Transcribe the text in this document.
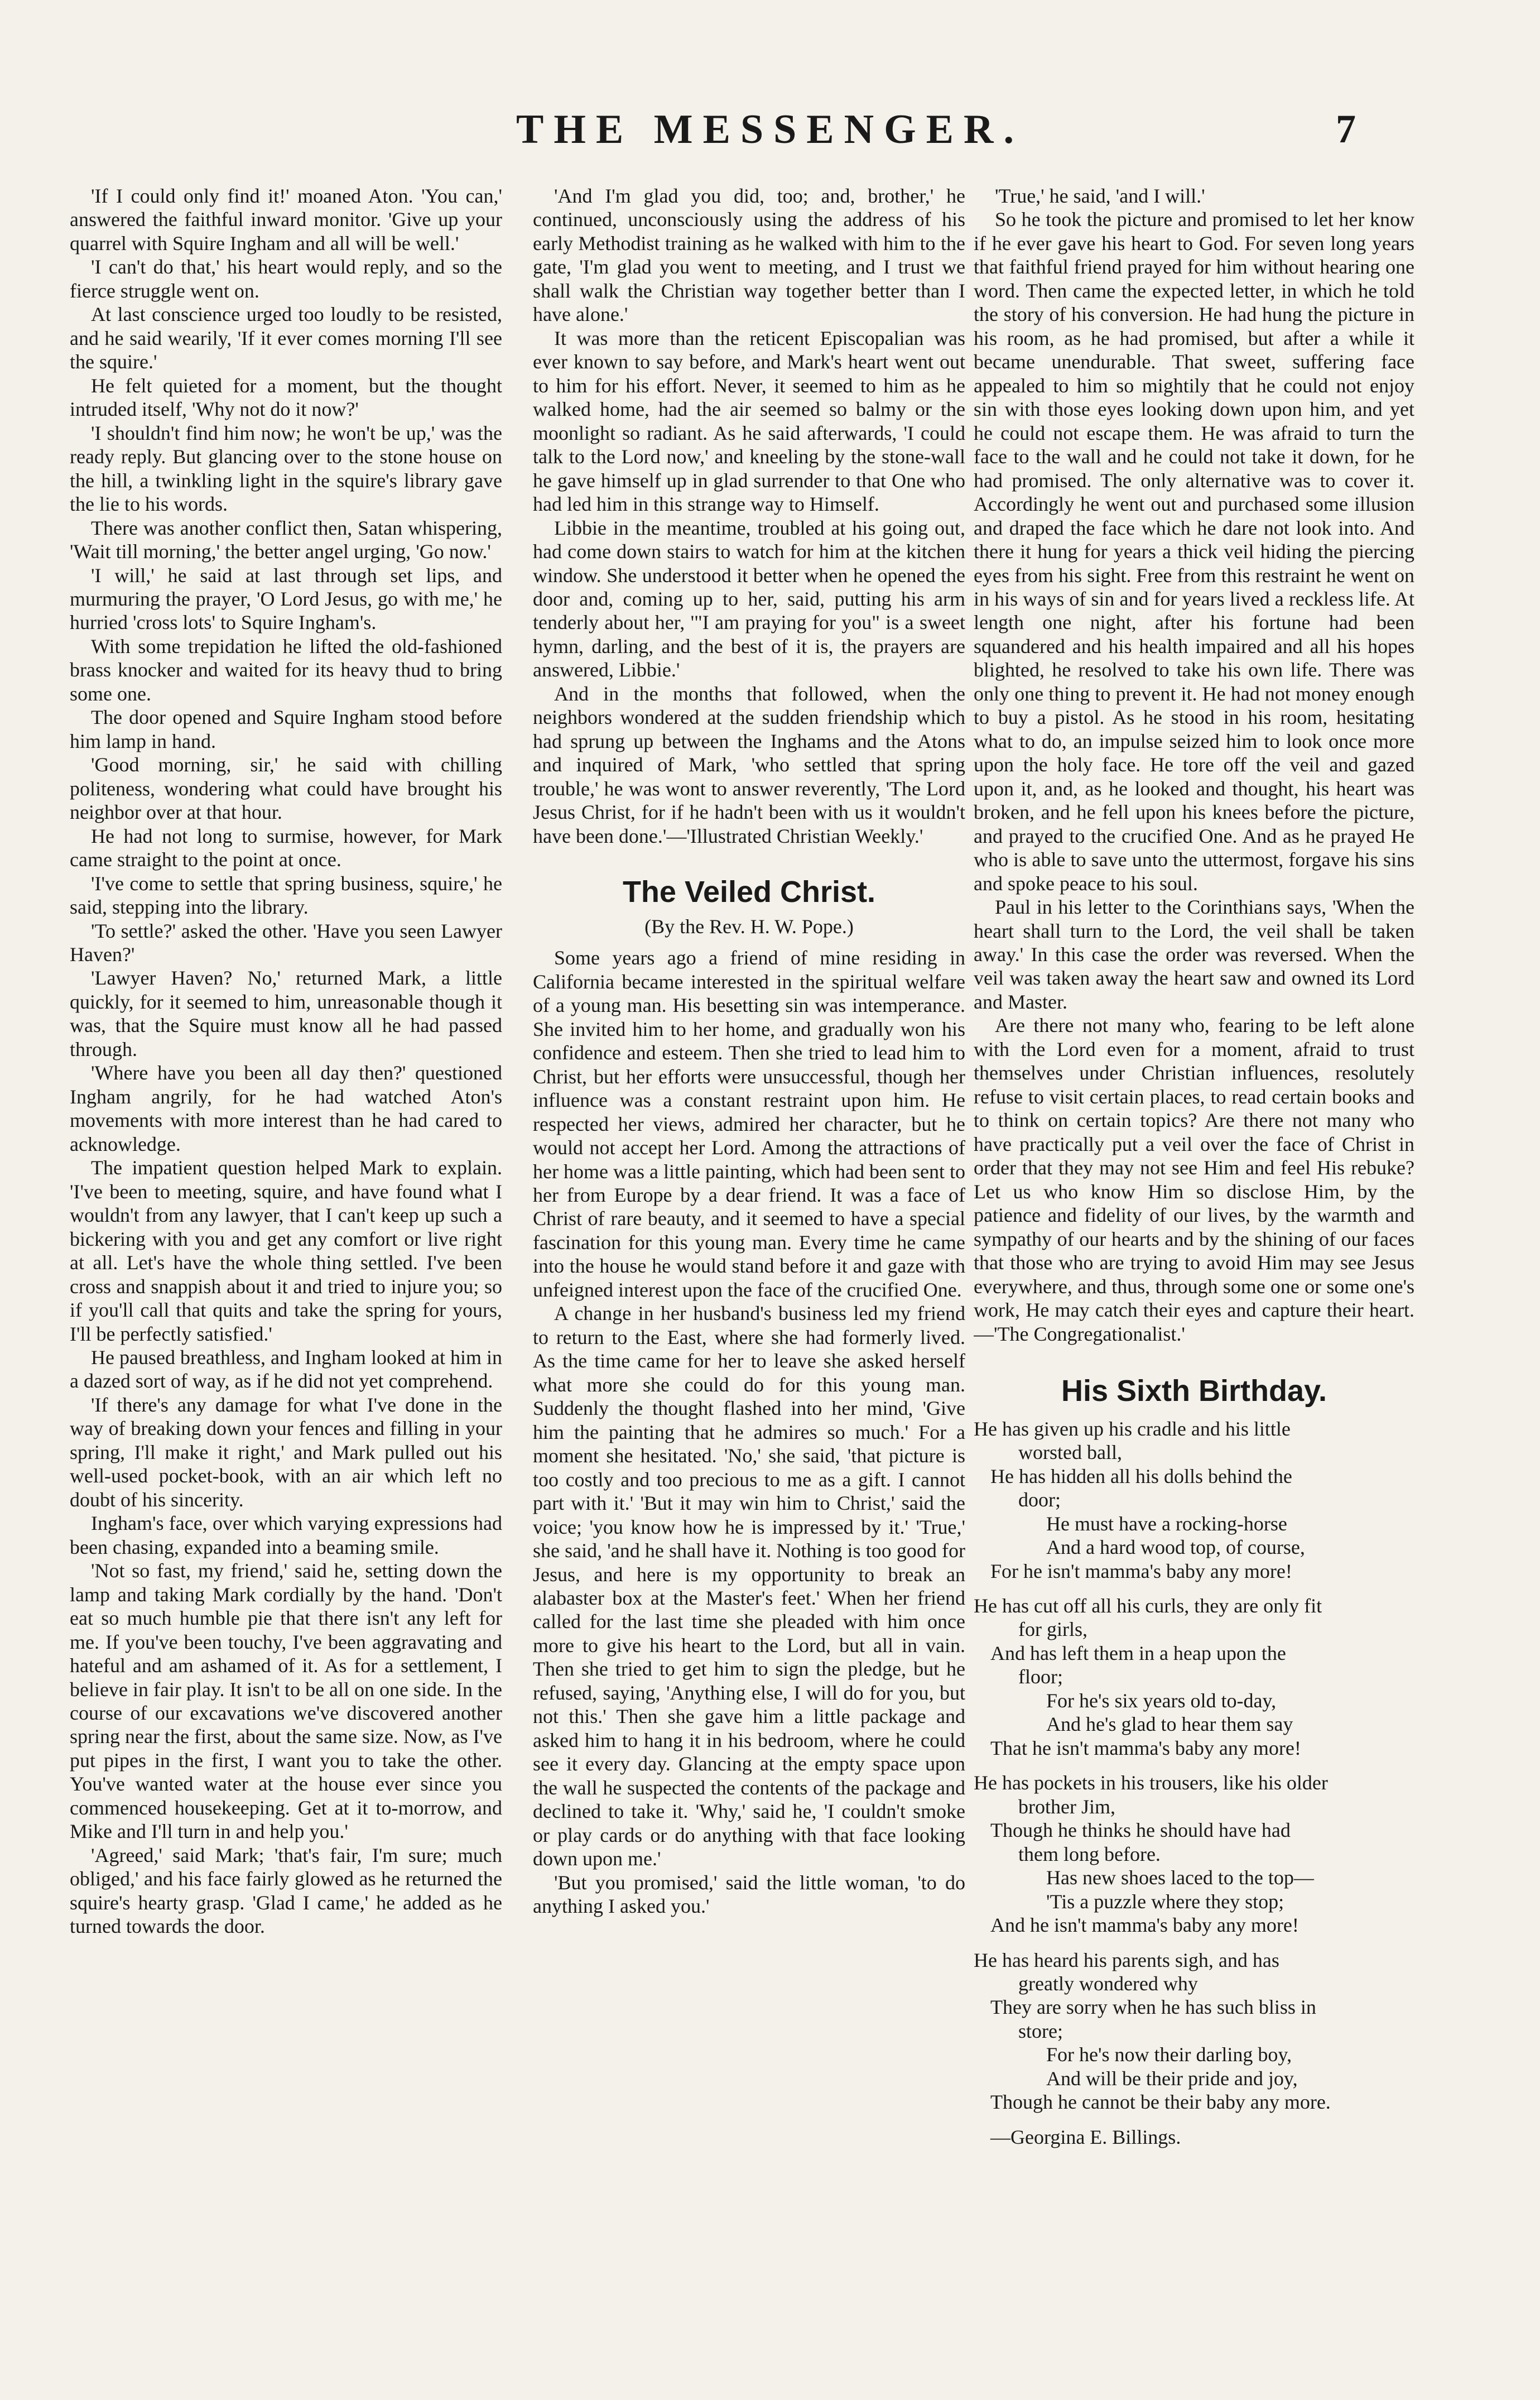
THE MESSENGER.	7

'If I could only find it!' moaned Aton. 'You can,' answered the faithful inward monitor. 'Give up your quarrel with Squire Ingham and all will be well.'

'I can't do that,' his heart would reply, and so the fierce struggle went on.

At last conscience urged too loudly to be resisted, and he said wearily, 'If it ever comes morning I'll see the squire.'

He felt quieted for a moment, but the thought intruded itself, 'Why not do it now?'

'I shouldn't find him now; he won't be up,' was the ready reply. But glancing over to the stone house on the hill, a twinkling light in the squire's library gave the lie to his words.

There was another conflict then, Satan whispering, 'Wait till morning,' the better angel urging, 'Go now.'

'I will,' he said at last through set lips, and murmuring the prayer, 'O Lord Jesus, go with me,' he hurried 'cross lots' to Squire Ingham's.

With some trepidation he lifted the old-fashioned brass knocker and waited for its heavy thud to bring some one.

The door opened and Squire Ingham stood before him lamp in hand.

'Good morning, sir,' he said with chilling politeness, wondering what could have brought his neighbor over at that hour.

He had not long to surmise, however, for Mark came straight to the point at once.

'I've come to settle that spring business, squire,' he said, stepping into the library.

'To settle?' asked the other. 'Have you seen Lawyer Haven?'

'Lawyer Haven? No,' returned Mark, a little quickly, for it seemed to him, unreasonable though it was, that the Squire must know all he had passed through.

'Where have you been all day then?' questioned Ingham angrily, for he had watched Aton's movements with more interest than he had cared to acknowledge.

The impatient question helped Mark to explain. 'I've been to meeting, squire, and have found what I wouldn't from any lawyer, that I can't keep up such a bickering with you and get any comfort or live right at all. Let's have the whole thing settled. I've been cross and snappish about it and tried to injure you; so if you'll call that quits and take the spring for yours, I'll be perfectly satisfied.'

He paused breathless, and Ingham looked at him in a dazed sort of way, as if he did not yet comprehend.

'If there's any damage for what I've done in the way of breaking down your fences and filling in your spring, I'll make it right,' and Mark pulled out his well-used pocket-book, with an air which left no doubt of his sincerity.

Ingham's face, over which varying expressions had been chasing, expanded into a beaming smile.

'Not so fast, my friend,' said he, setting down the lamp and taking Mark cordially by the hand. 'Don't eat so much humble pie that there isn't any left for me. If you've been touchy, I've been aggravating and hateful and am ashamed of it. As for a settlement, I believe in fair play. It isn't to be all on one side. In the course of our excavations we've discovered another spring near the first, about the same size. Now, as I've put pipes in the first, I want you to take the other. You've wanted water at the house ever since you commenced housekeeping. Get at it to-morrow, and Mike and I'll turn in and help you.'

'Agreed,' said Mark; 'that's fair, I'm sure; much obliged,' and his face fairly glowed as he returned the squire's hearty grasp. 'Glad I came,' he added as he turned towards the door.

'And I'm glad you did, too; and, brother,' he continued, unconsciously using the address of his early Methodist training as he walked with him to the gate, 'I'm glad you went to meeting, and I trust we shall walk the Christian way together better than I have alone.'

It was more than the reticent Episcopalian was ever known to say before, and Mark's heart went out to him for his effort. Never, it seemed to him as he walked home, had the air seemed so balmy or the moonlight so radiant. As he said afterwards, 'I could talk to the Lord now,' and kneeling by the stone-wall he gave himself up in glad surrender to that One who had led him in this strange way to Himself.

Libbie in the meantime, troubled at his going out, had come down stairs to watch for him at the kitchen window. She understood it better when he opened the door and, coming up to her, said, putting his arm tenderly about her, '"I am praying for you" is a sweet hymn, darling, and the best of it is, the prayers are answered, Libbie.'

And in the months that followed, when the neighbors wondered at the sudden friendship which had sprung up between the Inghams and the Atons and inquired of Mark, 'who settled that spring trouble,' he was wont to answer reverently, 'The Lord Jesus Christ, for if he hadn't been with us it wouldn't have been done.'—'Illustrated Christian Weekly.'

The Veiled Christ.
(By the Rev. H. W. Pope.)

Some years ago a friend of mine residing in California became interested in the spiritual welfare of a young man. His besetting sin was intemperance. She invited him to her home, and gradually won his confidence and esteem. Then she tried to lead him to Christ, but her efforts were unsuccessful, though her influence was a constant restraint upon him. He respected her views, admired her character, but he would not accept her Lord. Among the attractions of her home was a little painting, which had been sent to her from Europe by a dear friend. It was a face of Christ of rare beauty, and it seemed to have a special fascination for this young man. Every time he came into the house he would stand before it and gaze with unfeigned interest upon the face of the crucified One.

A change in her husband's business led my friend to return to the East, where she had formerly lived. As the time came for her to leave she asked herself what more she could do for this young man. Suddenly the thought flashed into her mind, 'Give him the painting that he admires so much.' For a moment she hesitated. 'No,' she said, 'that picture is too costly and too precious to me as a gift. I cannot part with it.' 'But it may win him to Christ,' said the voice; 'you know how he is impressed by it.' 'True,' she said, 'and he shall have it. Nothing is too good for Jesus, and here is my opportunity to break an alabaster box at the Master's feet.' When her friend called for the last time she pleaded with him once more to give his heart to the Lord, but all in vain. Then she tried to get him to sign the pledge, but he refused, saying, 'Anything else, I will do for you, but not this.' Then she gave him a little package and asked him to hang it in his bedroom, where he could see it every day. Glancing at the empty space upon the wall he suspected the contents of the package and declined to take it. 'Why,' said he, 'I couldn't smoke or play cards or do anything with that face looking down upon me.'

'But you promised,' said the little woman, 'to do anything I asked you.'

'True,' he said, 'and I will.'

So he took the picture and promised to let her know if he ever gave his heart to God. For seven long years that faithful friend prayed for him without hearing one word. Then came the expected letter, in which he told the story of his conversion. He had hung the picture in his room, as he had promised, but after a while it became unendurable. That sweet, suffering face appealed to him so mightily that he could not enjoy sin with those eyes looking down upon him, and yet he could not escape them. He was afraid to turn the face to the wall and he could not take it down, for he had promised. The only alternative was to cover it. Accordingly he went out and purchased some illusion and draped the face which he dare not look into. And there it hung for years a thick veil hiding the piercing eyes from his sight. Free from this restraint he went on in his ways of sin and for years lived a reckless life. At length one night, after his fortune had been squandered and his health impaired and all his hopes blighted, he resolved to take his own life. There was only one thing to prevent it. He had not money enough to buy a pistol. As he stood in his room, hesitating what to do, an impulse seized him to look once more upon the holy face. He tore off the veil and gazed upon it, and, as he looked and thought, his heart was broken, and he fell upon his knees before the picture, and prayed to the crucified One. And as he prayed He who is able to save unto the uttermost, forgave his sins and spoke peace to his soul.

Paul in his letter to the Corinthians says, 'When the heart shall turn to the Lord, the veil shall be taken away.' In this case the order was reversed. When the veil was taken away the heart saw and owned its Lord and Master.

Are there not many who, fearing to be left alone with the Lord even for a moment, afraid to trust themselves under Christian influences, resolutely refuse to visit certain places, to read certain books and to think on certain topics? Are there not many who have practically put a veil over the face of Christ in order that they may not see Him and feel His rebuke? Let us who know Him so disclose Him, by the patience and fidelity of our lives, by the warmth and sympathy of our hearts and by the shining of our faces that those who are trying to avoid Him may see Jesus everywhere, and thus, through some one or some one's work, He may catch their eyes and capture their heart.—'The Congregationalist.'

His Sixth Birthday.
He has given up his cradle and his little
worsted ball,
He has hidden all his dolls behind the
door;
He must have a rocking-horse
And a hard wood top, of course,
For he isn't mamma's baby any more!
He has cut off all his curls, they are only fit
for girls,
And has left them in a heap upon the
floor;
For he's six years old to-day,
And he's glad to hear them say
That he isn't mamma's baby any more!
He has pockets in his trousers, like his older
brother Jim,
Though he thinks he should have had
them long before.
Has new shoes laced to the top—
'Tis a puzzle where they stop;
And he isn't mamma's baby any more!
He has heard his parents sigh, and has
greatly wondered why
They are sorry when he has such bliss in
store;
For he's now their darling boy,
And will be their pride and joy,
Though he cannot be their baby any more.
—Georgina E. Billings.
